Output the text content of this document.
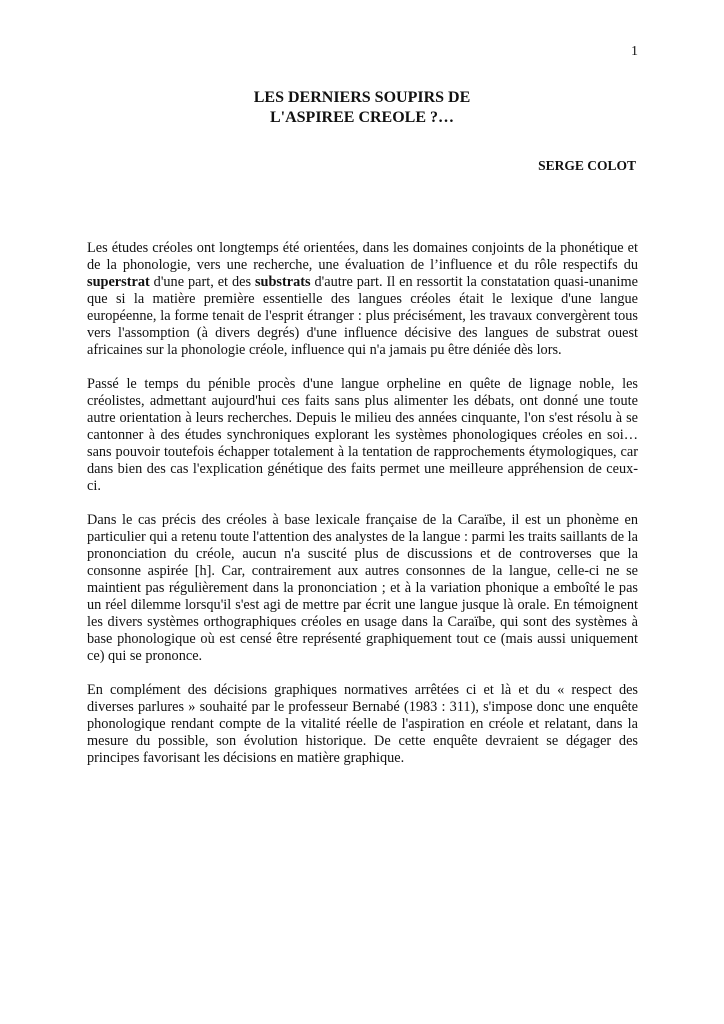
1
LES DERNIERS SOUPIRS DE
L'ASPIREE CREOLE ?…
SERGE COLOT

Les études créoles ont longtemps été orientées, dans les domaines conjoints de la phonétique et de la phonologie, vers une recherche, une évaluation de l’influence et du rôle respectifs du superstrat d'une part, et des substrats d'autre part. Il en ressortit la constatation quasi-unanime que si la matière première essentielle des langues créoles était le lexique d'une langue européenne, la forme tenait de l'esprit étranger : plus précisément, les travaux convergèrent tous vers l'assomption (à divers degrés) d'une influence décisive des langues de substrat ouest africaines sur la phonologie créole, influence qui n'a jamais pu être déniée dès lors.

Passé le temps du pénible procès d'une langue orpheline en quête de lignage noble, les créolistes, admettant aujourd'hui ces faits sans plus alimenter les débats, ont donné une toute autre orientation à leurs recherches. Depuis le milieu des années cinquante, l'on s'est résolu à se cantonner à des études synchroniques explorant les systèmes phonologiques créoles en soi… sans pouvoir toutefois échapper totalement à la tentation de rapprochements étymologiques, car dans bien des cas l'explication génétique des faits permet une meilleure appréhension de ceux-ci.

Dans le cas précis des créoles à base lexicale française de la Caraïbe, il est un phonème en particulier qui a retenu toute l'attention des analystes de la langue : parmi les traits saillants de la prononciation du créole, aucun n'a suscité plus de discussions et de controverses que la consonne aspirée [h]. Car, contrairement aux autres consonnes de la langue, celle-ci ne se maintient pas régulièrement dans la prononciation ; et à la variation phonique a emboîté le pas un réel dilemme lorsqu'il s'est agi de mettre par écrit une langue jusque là orale. En témoignent les divers systèmes orthographiques créoles en usage dans la Caraïbe, qui sont des systèmes à base phonologique où est censé être représenté graphiquement tout ce (mais aussi uniquement ce) qui se prononce.

En complément des décisions graphiques normatives arrêtées ci et là et du « respect des diverses parlures » souhaité par le professeur Bernabé (1983 : 311), s'impose donc une enquête phonologique rendant compte de la vitalité réelle de l'aspiration en créole et relatant, dans la mesure du possible, son évolution historique. De cette enquête devraient se dégager des principes favorisant les décisions en matière graphique.
